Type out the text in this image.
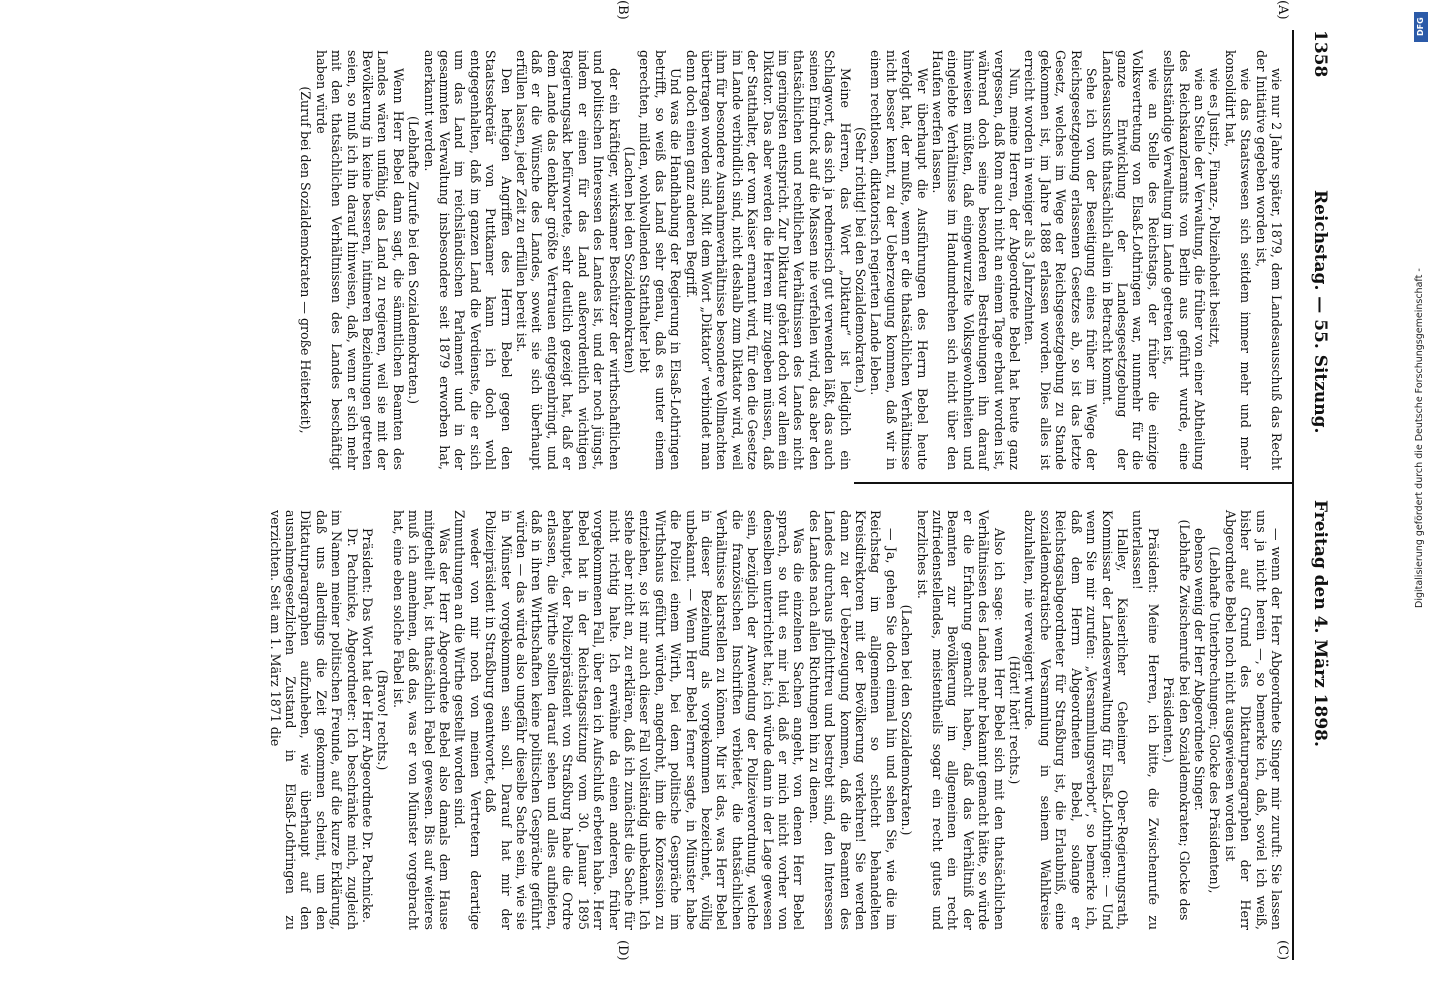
1358
Reichstag. — 55. Sitzung.
Freitag den 4. März 1898.

wie nur 2 Jahre später, 1879, dem Landesausschuß das Recht der Initiative gegeben worden ist,

wie das Staatswesen sich seitdem immer mehr und mehr konsolidirt hat,

wie es Justiz-, Finanz-, Polizeihoheit besitzt,

wie an Stelle der Verwaltung, die früher von einer Abtheilung des Reichskanzleramts von Berlin aus geführt wurde, eine selbstständige Verwaltung im Lande getreten ist,

wie an Stelle des Reichstags, der früher die einzige Volksvertretung von Elsaß-Lothringen war, nunmehr für die ganze Entwicklung der Landesgesetzgebung der Landesausschuß thatsächlich allein in Betracht kommt.

Sehe ich von der Beseitigung eines früher im Wege der Reichsgesetzgebung erlassenen Gesetzes ab, so ist das letzte Gesetz, welches im Wege der Reichsgesetzgebung zu Stande gekommen ist, im Jahre 1888 erlassen worden. Dies alles ist erreicht worden in weniger als 3 Jahrzehnten.

Nun, meine Herren, der Abgeordnete Bebel hat heute ganz vergessen, daß Rom auch nicht an einem Tage erbaut worden ist, während doch seine besonderen Bestrebungen ihn darauf hinweisen müßten, daß eingewurzelte Volksgewohnheiten und eingelebte Verhältnisse im Handumdrehen sich nicht über den Haufen werfen lassen.

Wer überhaupt die Ausführungen des Herrn Bebel heute verfolgt hat, der mußte, wenn er die thatsächlichen Verhältnisse nicht besser kennt, zu der Ueberzeugung kommen, daß wir in einem rechtlosen, diktatorisch regierten Lande leben.

(Sehr richtig! bei den Sozialdemokraten.)

Meine Herren, das Wort „Diktatur“ ist lediglich ein Schlagwort, das sich ja rednerisch gut verwenden läßt, das auch seinen Eindruck auf die Massen nie verfehlen wird, das aber den thatsächlichen und rechtlichen Verhältnissen des Landes nicht im geringsten entspricht. Zur Diktatur gehört doch vor allem ein Diktator. Das aber werden die Herren mir zugeben müssen, daß der Statthalter, der vom Kaiser ernannt wird, für den die Gesetze im Lande verbindlich sind, nicht deshalb zum Diktator wird, weil ihm für besondere Ausnahmeverhältnisse besondere Vollmachten übertragen worden sind. Mit dem Wort „Diktator“ verbindet man denn doch einen ganz anderen Begriff.

Und was die Handhabung der Regierung in Elsaß-Lothringen betrifft, so weiß das Land sehr genau, daß es unter einem gerechten, milden, wohlwollenden Statthalter lebt

(Lachen bei den Sozialdemokraten)

der ein kräftiger, wirksamer Beschützer der wirthschaftlichen und politischen Interessen des Landes ist, und der noch jüngst, indem er einen für das Land außerordentlich wichtigen Regierungsakt befürwortete, sehr deutlich gezeigt hat, daß er dem Lande das denkbar größte Vertrauen entgegenbringt, und daß er die Wünsche des Landes, soweit sie sich überhaupt erfüllen lassen, jeder Zeit zu erfüllen bereit ist.

Den heftigen Angriffen des Herrn Bebel gegen den Staatssekretär von Puttkamer kann ich doch wohl entgegenhalten, daß im ganzen Land die Verdienste, die er sich um das Land im reichsländischen Parlament und in der gesammten Verwaltung insbesondere seit 1879 erworben hat, anerkannt werden.

(Lebhafte Zurufe bei den Sozialdemokraten.)

Wenn Herr Bebel dann sagt, die sämmtlichen Beamten des Landes wären unfähig, das Land zu regieren, weil sie mit der Bevölkerung in keine besseren, intimeren Beziehungen getreten seien, so muß ich ihn darauf hinweisen, daß, wenn er sich mehr mit den thatsächlichen Verhältnissen des Landes beschäftigt haben würde

(Zuruf bei den Sozialdemokraten — große Heiterkeit),

— wenn der Herr Abgeordnete Singer mir zuruft: Sie lassen uns ja nicht herein —, so bemerke ich, daß, soviel ich weiß, bisher auf Grund des Diktaturparagraphen der Herr Abgeordnete Bebel noch nicht ausgewiesen worden ist

(Lebhafte Unterbrechungen; Glocke des Präsidenten),

ebenso wenig der Herr Abgeordnete Singer.

(Lebhafte Zwischenrufe bei den Sozialdemokraten; Glocke des Präsidenten.)

Präsident: Meine Herren, ich bitte, die Zwischenrufe zu unterlassen!

Halley, Kaiserlicher Geheimer Ober-Regierungsrath, Kommissar der Landesverwaltung für Elsaß-Lothringen: — Und wenn Sie mir zurufen: „Versammlungsverbot“, so bemerke ich, daß dem Herrn Abgeordneten Bebel, solange er Reichstagsabgeordneter für Straßburg ist, die Erlaubniß, eine sozialdemokratische Versammlung in seinem Wahlkreise abzuhalten, nie verweigert wurde.

(Hört! hört! rechts.)

Also ich sage: wenn Herr Bebel sich mit den thatsächlichen Verhältnissen des Landes mehr bekannt gemacht hätte, so würde er die Erfahrung gemacht haben, daß das Verhältniß der Beamten zur Bevölkerung im allgemeinen ein recht zufriedenstellendes, meistentheils sogar ein recht gutes und herzliches ist.

(Lachen bei den Sozialdemokraten.)

— Ja, gehen Sie doch einmal hin und sehen Sie, wie die im Reichstag im allgemeinen so schlecht behandelten Kreisdirektoren mit der Bevölkerung verkehren! Sie werden dann zu der Ueberzeugung kommen, daß die Beamten des Landes durchaus pflichttreu und bestrebt sind, den Interessen des Landes nach allen Richtungen hin zu dienen.

Was die einzelnen Sachen angeht, von denen Herr Bebel sprach, so thut es mir leid, daß er mich nicht vorher von denselben unterrichtet hat; ich würde dann in der Lage gewesen sein, bezüglich der Anwendung der Polizeiverordnung, welche die französischen Inschriften verbietet, die thatsächlichen Verhältnisse klarstellen zu können. Mir ist das, was Herr Bebel in dieser Beziehung als vorgekommen bezeichnet, völlig unbekannt. — Wenn Herr Bebel ferner sagte, in Münster habe die Polizei einem Wirth, bei dem politische Gespräche im Wirthshaus geführt würden, angedroht, ihm die Konzession zu entziehen, so ist mir auch dieser Fall vollständig unbekannt. Ich stehe aber nicht an, zu erklären, daß ich zunächst die Sache für nicht richtig halte. Ich erwähne da einen anderen, früher vorgekommenen Fall, über den ich Aufschluß erbeten habe. Herr Bebel hat in der Reichstagssitzung vom 30. Januar 1895 behauptet, der Polizeipräsident von Straßburg habe die Ordre erlassen, die Wirthe sollten darauf sehen und alles aufbieten, daß in ihren Wirthschaften keine politischen Gespräche geführt würden — das würde also ungefähr dieselbe Sache sein, wie sie in Münster vorgekommen sein soll. Darauf hat mir der Polizeipräsident in Straßburg geantwortet, daß

weder von mir noch von meinen Vertretern derartige Zumuthungen an die Wirthe gestellt worden sind.

Was der Herr Abgeordnete Bebel also damals dem Hause mitgetheilt hat, ist thatsächlich Fabel gewesen. Bis auf weiteres muß ich annehmen, daß das, was er von Münster vorgebracht hat, eine eben solche Fabel ist.

(Bravo! rechts.)

Präsident: Das Wort hat der Herr Abgeordnete Dr. Pachnicke.

Dr. Pachnicke, Abgeordneter: Ich beschränke mich, zugleich im Namen meiner politischen Freunde, auf die kurze Erklärung, daß uns allerdings die Zeit gekommen scheint, um den Diktaturparagraphen aufzuheben, wie überhaupt auf den ausnahmegesetzlichen Zustand in Elsaß-Lothringen zu verzichten. Seit am 1. März 1871 die

(A)
(B)
(C)
(D)
DFG
Digitalisierung gefördert durch die Deutsche Forschungsgemeinschaft -
